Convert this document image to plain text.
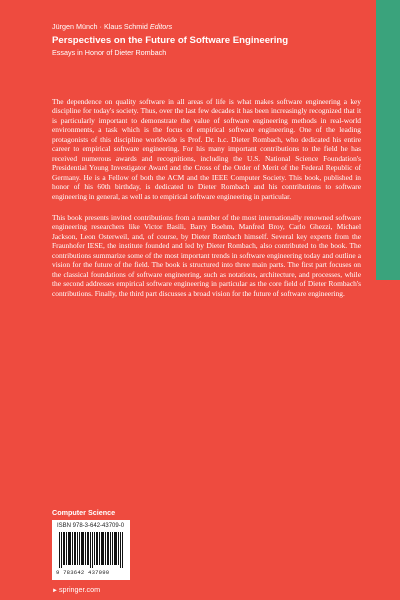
Jürgen Münch · Klaus Schmid Editors
Perspectives on the Future of Software Engineering
Essays in Honor of Dieter Rombach

The dependence on quality software in all areas of life is what makes software engineering a key discipline for today's society. Thus, over the last few decades it has been increasingly recognized that it is particularly important to demonstrate the value of software engineering methods in real-world environments, a task which is the focus of empirical software engineering. One of the leading protagonists of this discipline worldwide is Prof. Dr. h.c. Dieter Rombach, who dedicated his entire career to empirical software engineering. For his many important contributions to the field he has received numerous awards and recognitions, including the U.S. National Science Foundation's Presidential Young Investigator Award and the Cross of the Order of Merit of the Federal Republic of Germany. He is a Fellow of both the ACM and the IEEE Computer Society. This book, published in honor of his 60th birthday, is dedicated to Dieter Rombach and his contributions to software engineering in general, as well as to empirical software engineering in particular.

This book presents invited contributions from a number of the most internationally renowned software engineering researchers like Victor Basili, Barry Boehm, Manfred Broy, Carlo Ghezzi, Michael Jackson, Leon Osterweil, and, of course, by Dieter Rombach himself. Several key experts from the Fraunhofer IESE, the institute founded and led by Dieter Rombach, also contributed to the book. The contributions summarize some of the most important trends in software engineering today and outline a vision for the future of the field. The book is structured into three main parts. The first part focuses on the classical foundations of software engineering, such as notations, architecture, and processes, while the second addresses empirical software engineering in particular as the core field of Dieter Rombach's contributions. Finally, the third part discusses a broad vision for the future of software engineering.

Computer Science
ISBN 978-3-642-43709-0
9 783642 437090
►springer.com
